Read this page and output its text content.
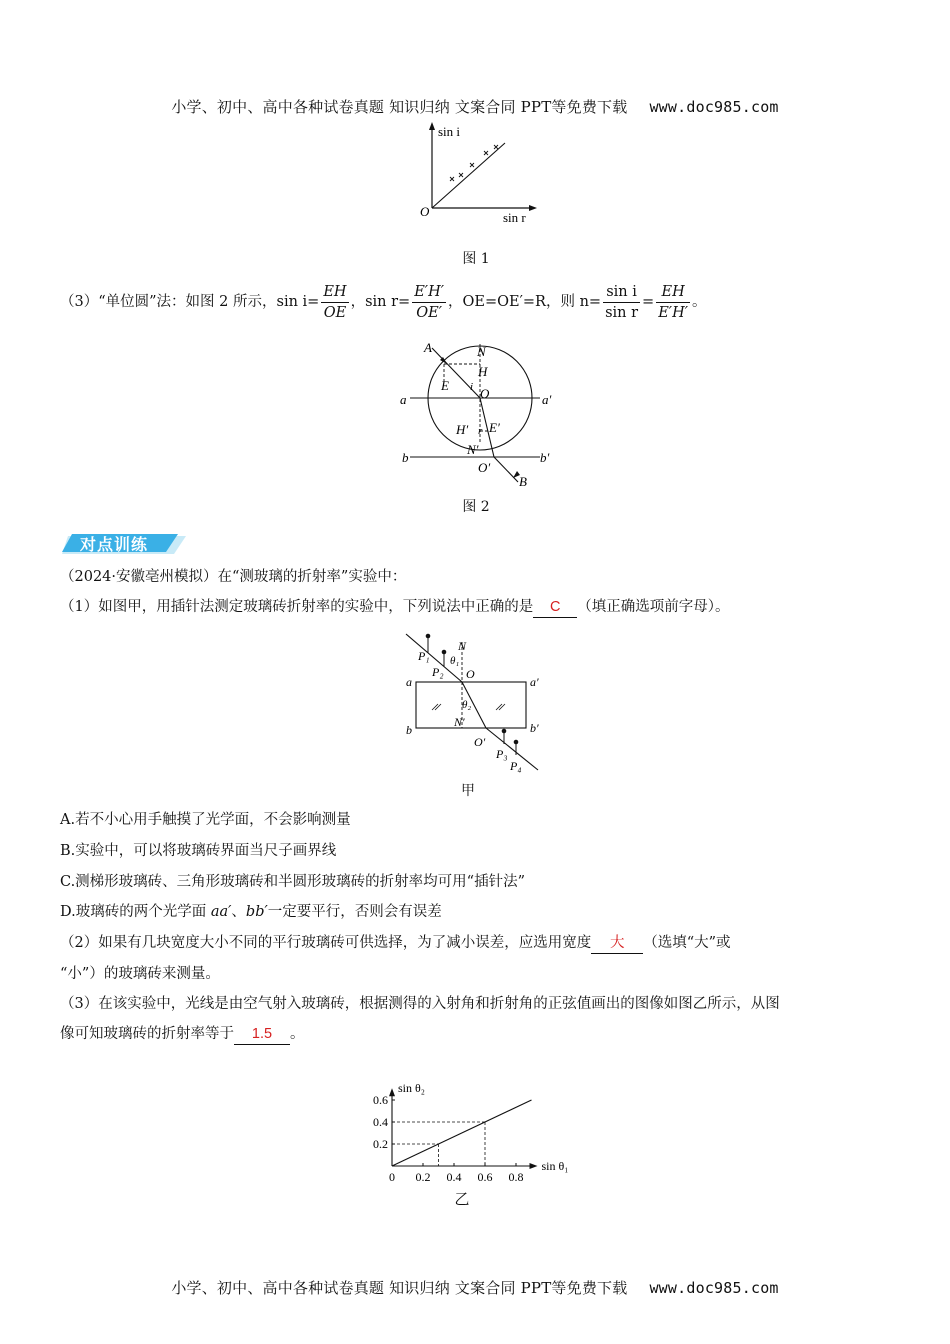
小学、初中、高中各种试卷真题 知识归纳 文案合同 PPT等免费下载 www.doc985.com
sin i
sin r
O
图 1
（3）“单位圆”法：如图 2 所示， $\sin i = \frac{EH}{OE}$ ， $\sin r = \frac{E'H'}{OE'}$ ，OE=OE′=R，则 $n= \frac{\text{sin i}}{\text{sin r}} = \frac{EH}{E'H'}$ 。
A	N
H
E i O
a	a′
H′ r E′
N′
b	b′
O′
B
图 2
对点训练
（2024·安徽亳州模拟）在“测玻璃的折射率”实验中：
（1）如图甲，用插针法测定玻璃砖折射率的实验中，下列说法中正确的是 C （填正确选项前字母）。
P₁
P₂
N
θ₁
O
a	a′
θ₂
N′
b	b′
O′
P₃
P₄
甲
A.若不小心用手触摸了光学面，不会影响测量
B.实验中，可以将玻璃砖界面当尺子画界线
C.测梯形玻璃砖、三角形玻璃砖和半圆形玻璃砖的折射率均可用“插针法”
D.玻璃砖的两个光学面 aa′、bb′一定要平行，否则会有误差
（2）如果有几块宽度大小不同的平行玻璃砖可供选择，为了减小误差，应选用宽度 大 （选填“大”或
“小”）的玻璃砖来测量。
（3）在该实验中，光线是由空气射入玻璃砖，根据测得的入射角和折射角的正弦值画出的图像如图乙所示，从图
像可知玻璃砖的折射率等于 1.5 。
0 0.2 0.4 0.6 0.8
0.2
0.4
0.6
sin θ₂
sin θ₁
乙
小学、初中、高中各种试卷真题 知识归纳 文案合同 PPT等免费下载 www.doc985.com
